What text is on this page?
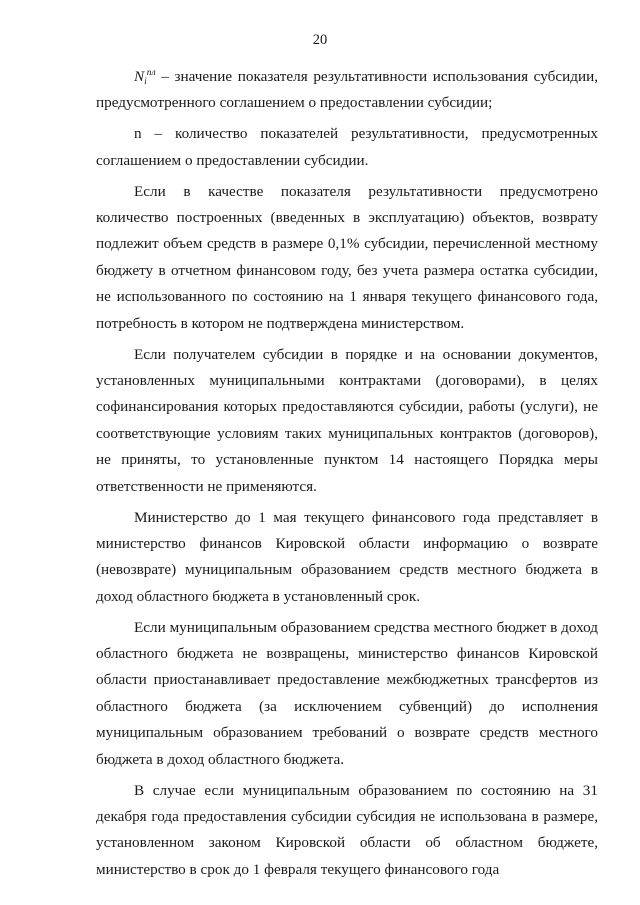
20

$N_i^{пл}$ – значение показателя результативности использования субсидии, предусмотренного соглашением о предоставлении субсидии;

n – количество показателей результативности, предусмотренных соглашением о предоставлении субсидии.

Если в качестве показателя результативности предусмотрено количество построенных (введенных в эксплуатацию) объектов, возврату подлежит объем средств в размере 0,1% субсидии, перечисленной местному бюджету в отчетном финансовом году, без учета размера остатка субсидии, не использованного по состоянию на 1 января текущего финансового года, потребность в котором не подтверждена министерством.

Если получателем субсидии в порядке и на основании документов, установленных муниципальными контрактами (договорами), в целях софинансирования которых предоставляются субсидии, работы (услуги), не соответствующие условиям таких муниципальных контрактов (договоров), не приняты, то установленные пунктом 14 настоящего Порядка меры ответственности не применяются.

Министерство до 1 мая текущего финансового года представляет в министерство финансов Кировской области информацию о возврате (невозврате) муниципальным образованием средств местного бюджета в доход областного бюджета в установленный срок.

Если муниципальным образованием средства местного бюджет в доход областного бюджета не возвращены, министерство финансов Кировской области приостанавливает предоставление межбюджетных трансфертов из областного бюджета (за исключением субвенций) до исполнения муниципальным образованием требований о возврате средств местного бюджета в доход областного бюджета.

В случае если муниципальным образованием по состоянию на 31 декабря года предоставления субсидии субсидия не использована в размере, установленном законом Кировской области об областном бюджете, министерство в срок до 1 февраля текущего финансового года
